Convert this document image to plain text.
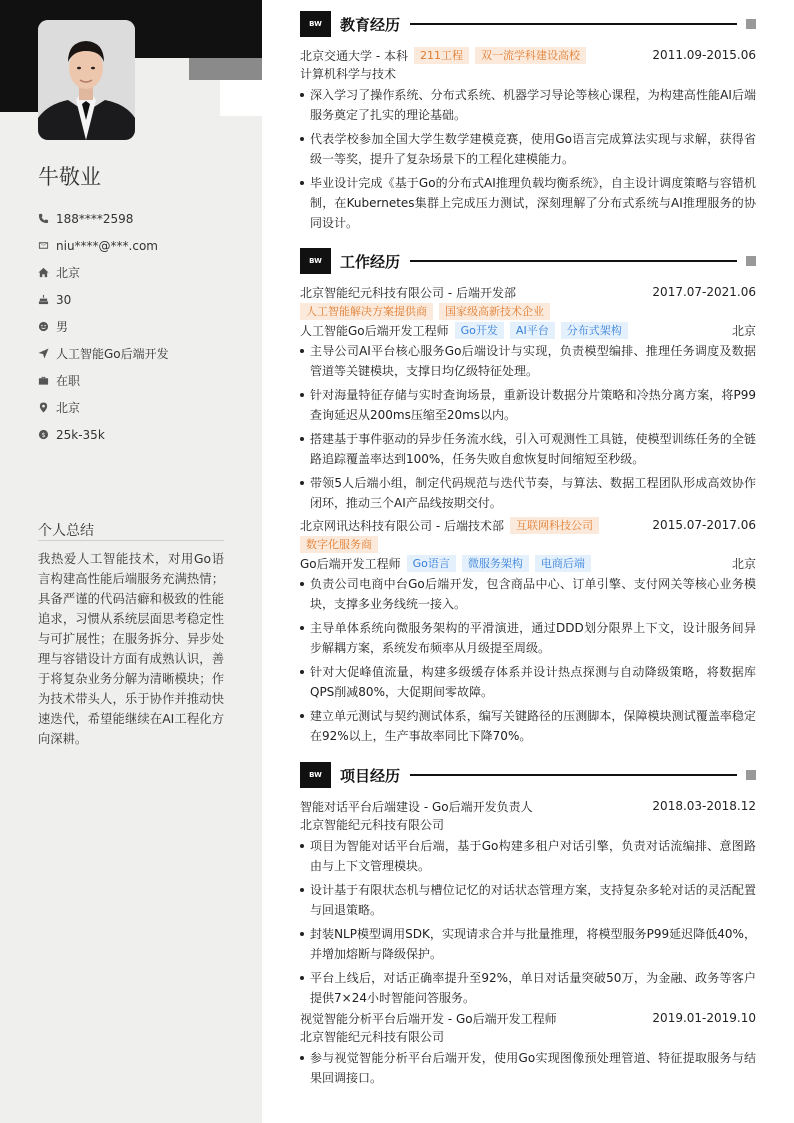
牛敬业
188****2598
niu****@***.com
北京
30
男
人工智能Go后端开发
在职
北京
$ 25k-35k
个人总结
我热爱人工智能技术，对用Go语言构建高性能后端服务充满热情；具备严谨的代码洁癖和极致的性能追求，习惯从系统层面思考稳定性与可扩展性；在服务拆分、异步处理与容错设计方面有成熟认识，善于将复杂业务分解为清晰模块；作为技术带头人，乐于协作并推动快速迭代，希望能继续在AI工程化方向深耕。
BW	教育经历
北京交通大学 - 本科	211工程	双一流学科建设高校	2011.09-2015.06
计算机科学与技术
深入学习了操作系统、分布式系统、机器学习导论等核心课程，为构建高性能AI后端服务奠定了扎实的理论基础。
代表学校参加全国大学生数学建模竞赛，使用Go语言完成算法实现与求解，获得省级一等奖，提升了复杂场景下的工程化建模能力。
毕业设计完成《基于Go的分布式AI推理负载均衡系统》，自主设计调度策略与容错机制，在Kubernetes集群上完成压力测试，深刻理解了分布式系统与AI推理服务的协同设计。
BW	工作经历
北京智能纪元科技有限公司 - 后端开发部	2017.07-2021.06
人工智能解决方案提供商	国家级高新技术企业
人工智能Go后端开发工程师	Go开发	AI平台	分布式架构	北京
主导公司AI平台核心服务Go后端设计与实现，负责模型编排、推理任务调度及数据管道等关键模块，支撑日均亿级特征处理。
针对海量特征存储与实时查询场景，重新设计数据分片策略和冷热分离方案，将P99查询延迟从200ms压缩至20ms以内。
搭建基于事件驱动的异步任务流水线，引入可观测性工具链，使模型训练任务的全链路追踪覆盖率达到100%，任务失败自愈恢复时间缩短至秒级。
带领5人后端小组，制定代码规范与迭代节奏，与算法、数据工程团队形成高效协作闭环，推动三个AI产品线按期交付。
北京网讯达科技有限公司 - 后端技术部	互联网科技公司	2015.07-2017.06
数字化服务商
Go后端开发工程师	Go语言	微服务架构	电商后端	北京
负责公司电商中台Go后端开发，包含商品中心、订单引擎、支付网关等核心业务模块，支撑多业务线统一接入。
主导单体系统向微服务架构的平滑演进，通过DDD划分限界上下文，设计服务间异步解耦方案，系统发布频率从月级提至周级。
针对大促峰值流量，构建多级缓存体系并设计热点探测与自动降级策略，将数据库QPS削减80%，大促期间零故障。
建立单元测试与契约测试体系，编写关键路径的压测脚本，保障模块测试覆盖率稳定在92%以上，生产事故率同比下降70%。
BW	项目经历
智能对话平台后端建设 - Go后端开发负责人	2018.03-2018.12
北京智能纪元科技有限公司
项目为智能对话平台后端，基于Go构建多租户对话引擎，负责对话流编排、意图路由与上下文管理模块。
设计基于有限状态机与槽位记忆的对话状态管理方案，支持复杂多轮对话的灵活配置与回退策略。
封装NLP模型调用SDK，实现请求合并与批量推理，将模型服务P99延迟降低40%，并增加熔断与降级保护。
平台上线后，对话正确率提升至92%，单日对话量突破50万，为金融、政务等客户提供7×24小时智能问答服务。
视觉智能分析平台后端开发 - Go后端开发工程师	2019.01-2019.10
北京智能纪元科技有限公司
参与视觉智能分析平台后端开发，使用Go实现图像预处理管道、特征提取服务与结果回调接口。
